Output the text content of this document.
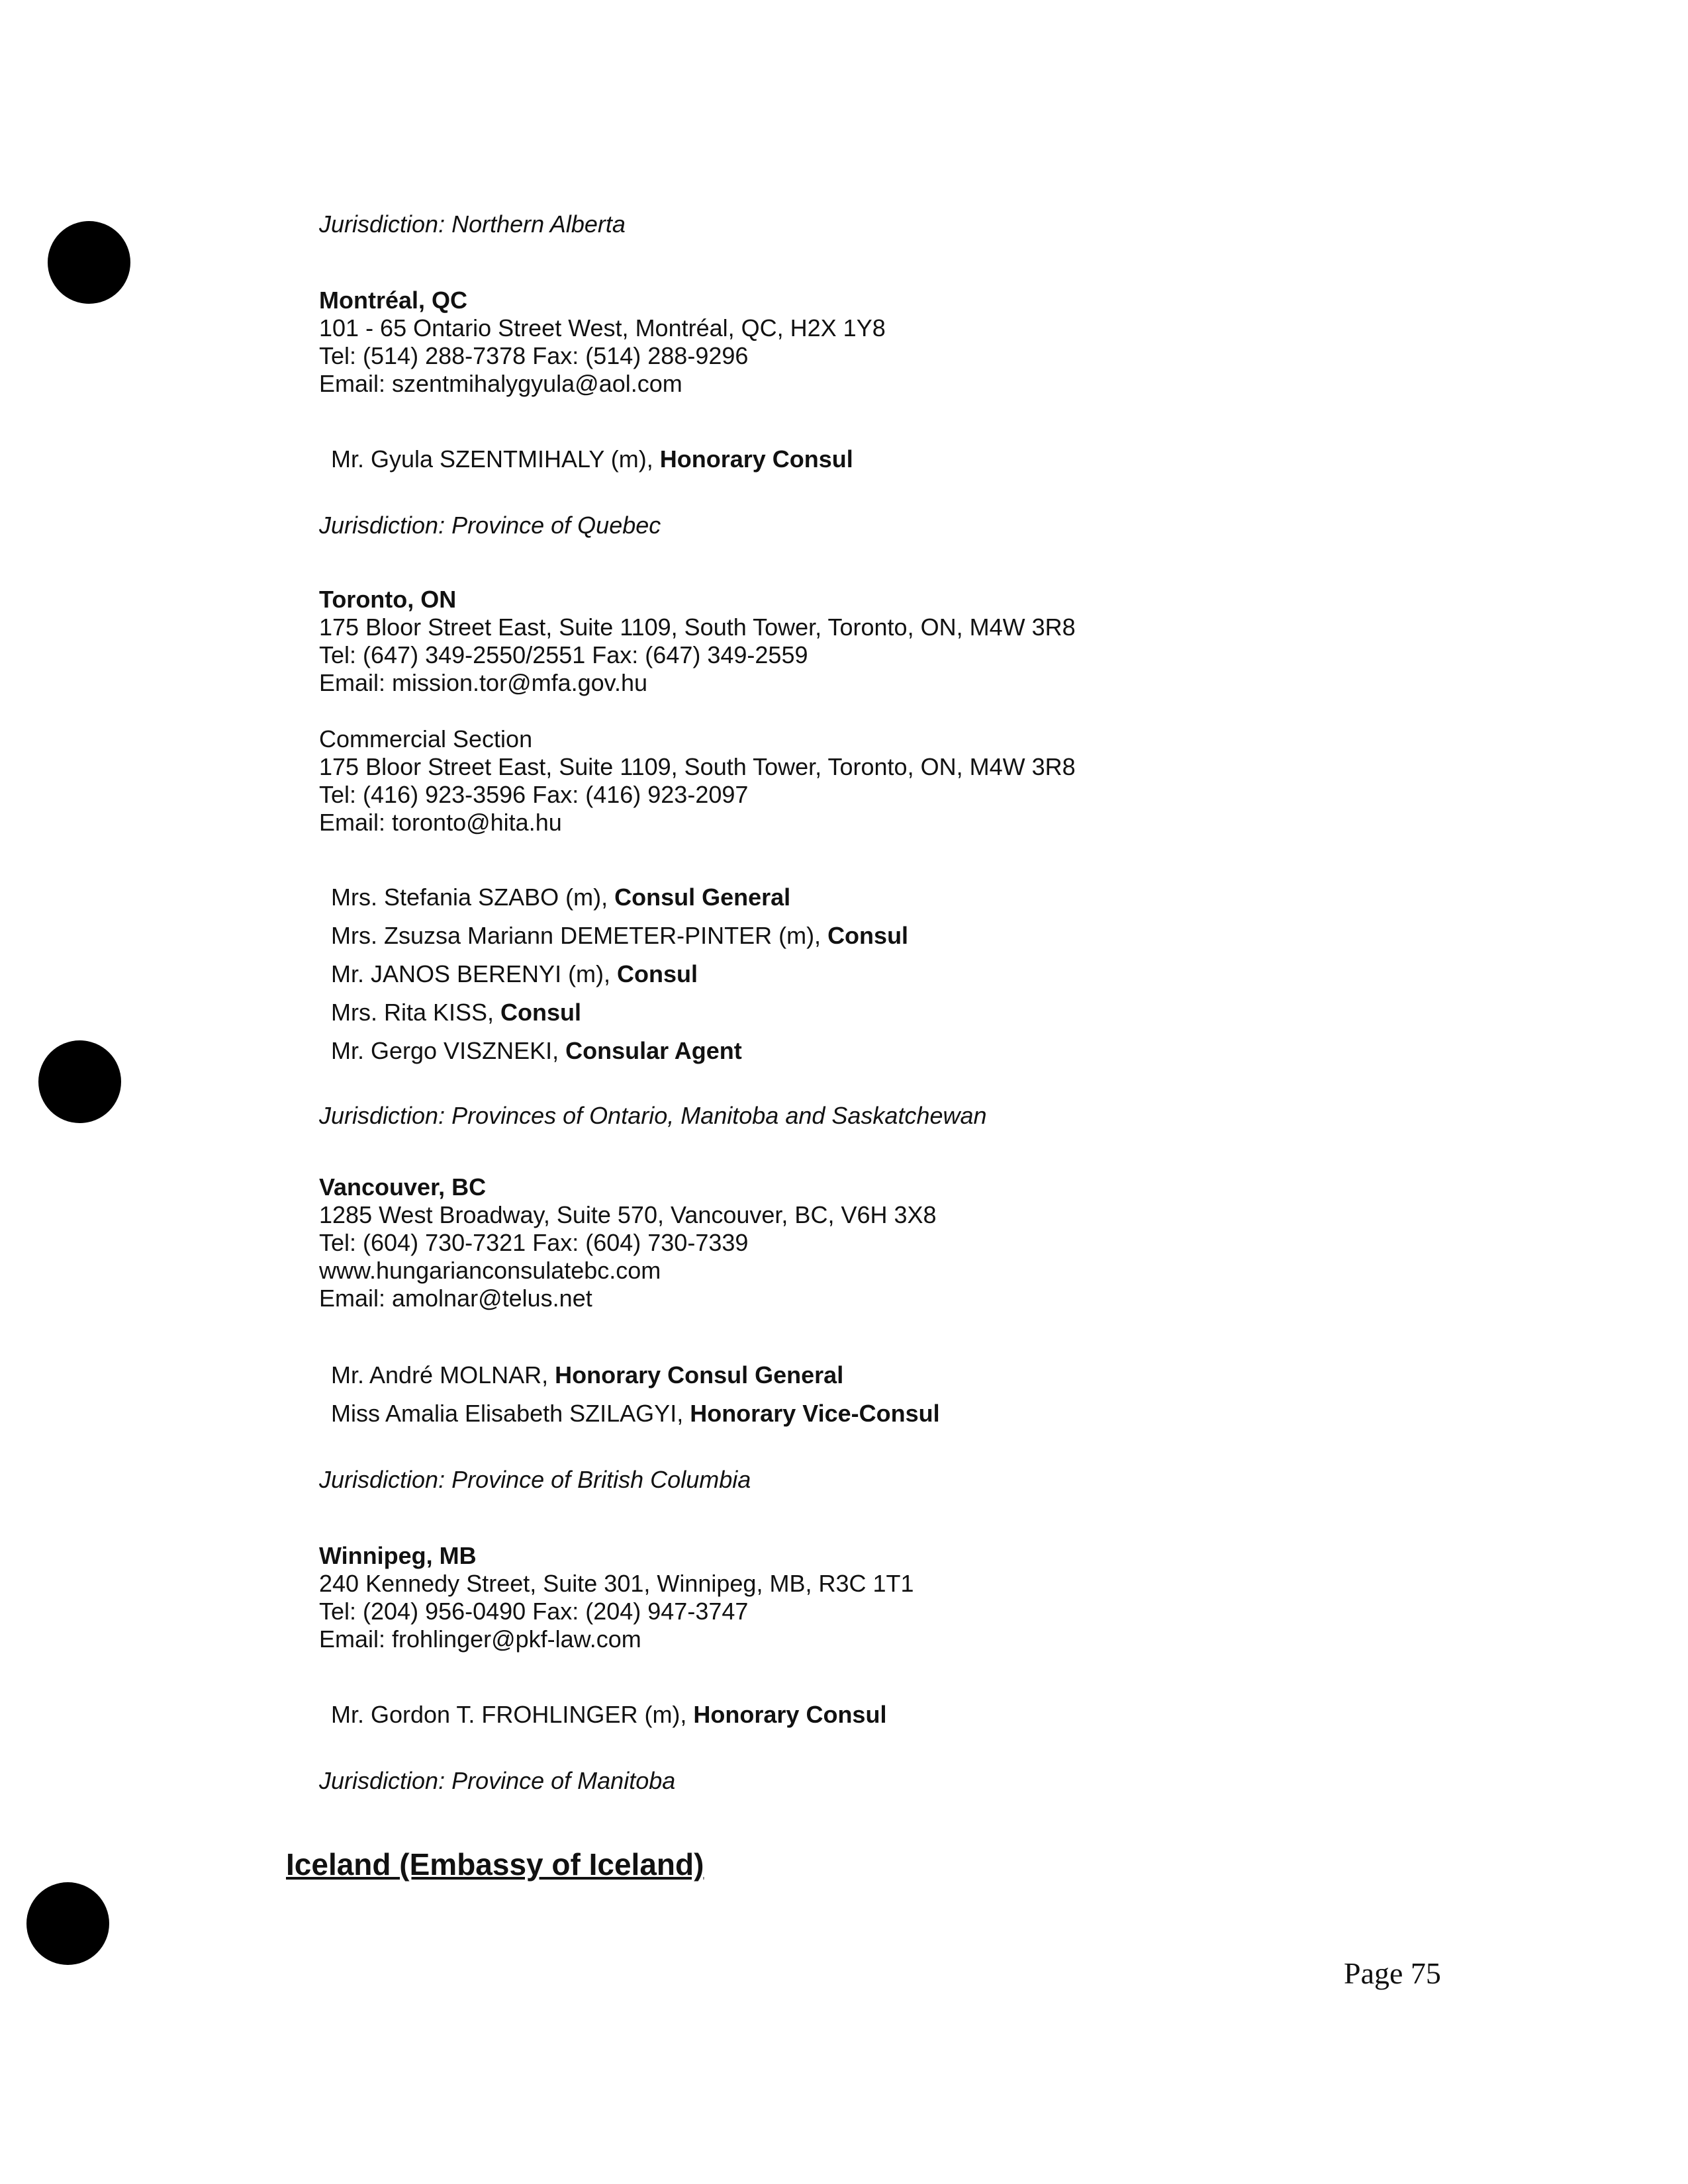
Jurisdiction: Northern Alberta
Montréal, QC
101 - 65 Ontario Street West, Montréal, QC, H2X 1Y8
Tel: (514) 288-7378 Fax: (514) 288-9296
Email: szentmihalygyula@aol.com
Mr. Gyula SZENTMIHALY (m), Honorary Consul
Jurisdiction: Province of Quebec
Toronto, ON
175 Bloor Street East, Suite 1109, South Tower, Toronto, ON, M4W 3R8
Tel: (647) 349-2550/2551 Fax: (647) 349-2559
Email: mission.tor@mfa.gov.hu
Commercial Section
175 Bloor Street East, Suite 1109, South Tower, Toronto, ON, M4W 3R8
Tel: (416) 923-3596 Fax: (416) 923-2097
Email: toronto@hita.hu
Mrs. Stefania SZABO (m), Consul General
Mrs. Zsuzsa Mariann DEMETER-PINTER (m), Consul
Mr. JANOS BERENYI (m), Consul
Mrs. Rita KISS, Consul
Mr. Gergo VISZNEKI, Consular Agent
Jurisdiction: Provinces of Ontario, Manitoba and Saskatchewan
Vancouver, BC
1285 West Broadway, Suite 570, Vancouver, BC, V6H 3X8
Tel: (604) 730-7321 Fax: (604) 730-7339
www.hungarianconsulatebc.com
Email: amolnar@telus.net
Mr. André MOLNAR, Honorary Consul General
Miss Amalia Elisabeth SZILAGYI, Honorary Vice-Consul
Jurisdiction: Province of British Columbia
Winnipeg, MB
240 Kennedy Street, Suite 301, Winnipeg, MB, R3C 1T1
Tel: (204) 956-0490 Fax: (204) 947-3747
Email: frohlinger@pkf-law.com
Mr. Gordon T. FROHLINGER (m), Honorary Consul
Jurisdiction: Province of Manitoba
Iceland (Embassy of Iceland)
Page 75
